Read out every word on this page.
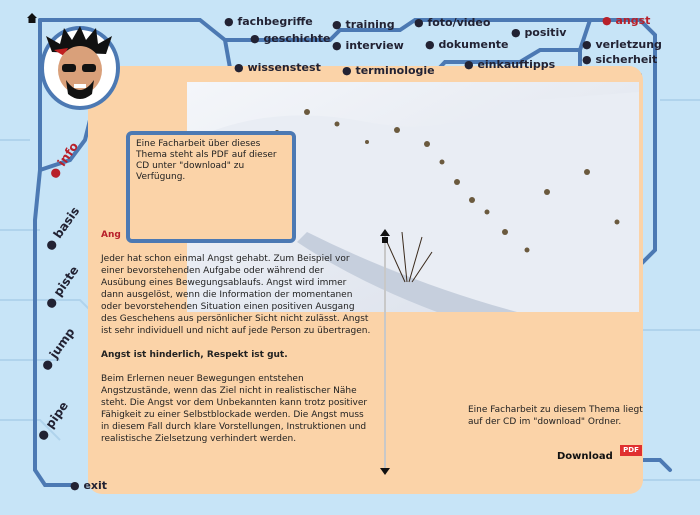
● fachbegriffe
● geschichte
● wissenstest
● training
● interview
● terminologie
● foto/video
● dokumente
● einkauftipps
● positiv
● angst
● verletzung
● sicherheit
● info
● basis
● piste
● jump
● pipe
● exit
Eine Facharbeit über dieses Thema steht als PDF auf dieser CD unter "download" zu Verfügung.
Ang

Jeder hat schon einmal Angst gehabt. Zum Beispiel vor einer bevorstehenden Aufgabe oder während der Ausübung eines Bewegungsablaufs. Angst wird immer dann ausgelöst, wenn die Information der momentanen oder bevorstehenden Situation einen positiven Ausgang des Geschehens aus persönlicher Sicht nicht zulässt. Angst ist sehr individuell und nicht auf jede Person zu übertragen.

Angst ist hinderlich, Respekt ist gut.

Beim Erlernen neuer Bewegungen entstehen Angstzustände, wenn das Ziel nicht in realistischer Nähe steht. Die Angst vor dem Unbekannten kann trotz positiver Fähigkeit zu einer Selbstblockade werden. Die Angst muss in diesem Fall durch klare Vorstellungen, Instruktionen und realistische Zielsetzung verhindert werden.

Eine Facharbeit zu diesem Thema liegt auf der CD im "download" Ordner.
Download
PDF
